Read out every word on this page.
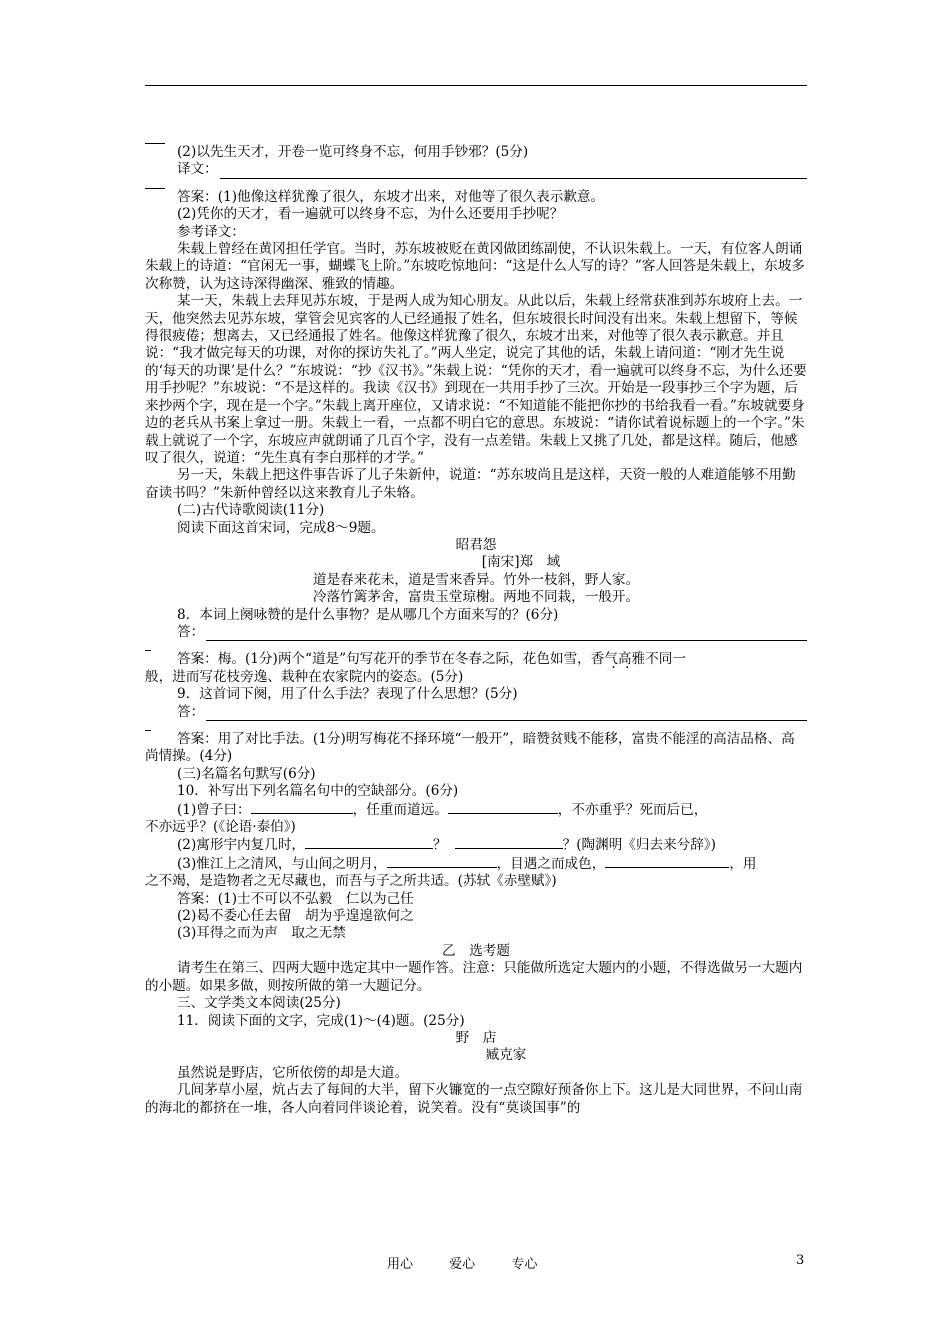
(2)以先生天才，开卷一览可终身不忘，何用手钞邪？(5分)
译文：

答案：(1)他像这样犹豫了很久，东坡才出来，对他等了很久表示歉意。

(2)凭你的天才，看一遍就可以终身不忘，为什么还要用手抄呢？

参考译文：

朱载上曾经在黄冈担任学官。当时，苏东坡被贬在黄冈做团练副使，不认识朱载上。一天，有位客人朗诵朱载上的诗道：“官闲无一事，蝴蝶飞上阶。”东坡吃惊地问：“这是什么人写的诗？”客人回答是朱载上，东坡多次称赞，认为这诗深得幽深、雅致的情趣。

某一天，朱载上去拜见苏东坡，于是两人成为知心朋友。从此以后，朱载上经常获准到苏东坡府上去。一天，他突然去见苏东坡，掌管会见宾客的人已经通报了姓名，但东坡很长时间没有出来。朱载上想留下，等候得很疲倦；想离去，又已经通报了姓名。他像这样犹豫了很久，东坡才出来，对他等了很久表示歉意。并且说：“我才做完每天的功课，对你的探访失礼了。”两人坐定，说完了其他的话，朱载上请问道：“刚才先生说的‘每天的功课’是什么？”东坡说：“抄《汉书》。”朱载上说：“凭你的天才，看一遍就可以终身不忘，为什么还要用手抄呢？”东坡说：“不是这样的。我读《汉书》到现在一共用手抄了三次。开始是一段事抄三个字为题，后来抄两个字，现在是一个字。”朱载上离开座位，又请求说：“不知道能不能把你抄的书给我看一看。”东坡就要身边的老兵从书案上拿过一册。朱载上一看，一点都不明白它的意思。东坡说：“请你试着说标题上的一个字。”朱载上就说了一个字，东坡应声就朗诵了几百个字，没有一点差错。朱载上又挑了几处，都是这样。随后，他感叹了很久，说道：“先生真有李白那样的才学。”

另一天，朱载上把这件事告诉了儿子朱新仲，说道：“苏东坡尚且是这样，天资一般的人难道能够不用勤奋读书吗？”朱新仲曾经以这来教育儿子朱辂。

(二)古代诗歌阅读(11分)

阅读下面这首宋词，完成8～9题。

昭君怨

[南宋]郑　域

道是春来花未，道是雪来香异。竹外一枝斜，野人家。

冷落竹篱茅舍，富贵玉堂琼榭。两地不同栽，一般开。

8．本词上阕咏赞的是什么事物？是从哪几个方面来写的？(6分)

答：

答案：梅。(1分)两个“道是”句写花开的季节在冬春之际，花色如雪，香气高雅不同一

般，进而写花枝旁逸、栽种在农家院内的姿态。(5分)

9．这首词下阕，用了什么手法？表现了什么思想？(5分)

答：

答案：用了对比手法。(1分)明写梅花不择环境“一般开”，暗赞贫贱不能移，富贵不能淫的高洁品格、高尚情操。(4分)

(三)名篇名句默写(6分)

10．补写出下列名篇名句中的空缺部分。(6分)

(1)曾子曰：	，任重而道远。	，不亦重乎？死而后已，

不亦远乎？(《论语·泰伯》)

(2)寓形宇内复几时，	？	？(陶渊明《归去来兮辞》)

(3)惟江上之清风，与山间之明月，	，目遇之而成色，	，用

之不竭，是造物者之无尽藏也，而吾与子之所共适。(苏轼《赤壁赋》)

答案：(1)士不可以不弘毅　仁以为己任

(2)曷不委心任去留　胡为乎遑遑欲何之

(3)耳得之而为声　取之无禁

乙　选考题

请考生在第三、四两大题中选定其中一题作答。注意：只能做所选定大题内的小题，不得选做另一大题内的小题。如果多做，则按所做的第一大题记分。

三、文学类文本阅读(25分)

11．阅读下面的文字，完成(1)～(4)题。(25分)

野　店

臧克家

虽然说是野店，它所依傍的却是大道。

几间茅草小屋，炕占去了每间的大半，留下火镰宽的一点空隙好预备你上下。这儿是大同世界，不问山南的海北的都挤在一堆，各人向着同伴谈论着，说笑着。没有“莫谈国事”的

用心	爱心	专心	3
